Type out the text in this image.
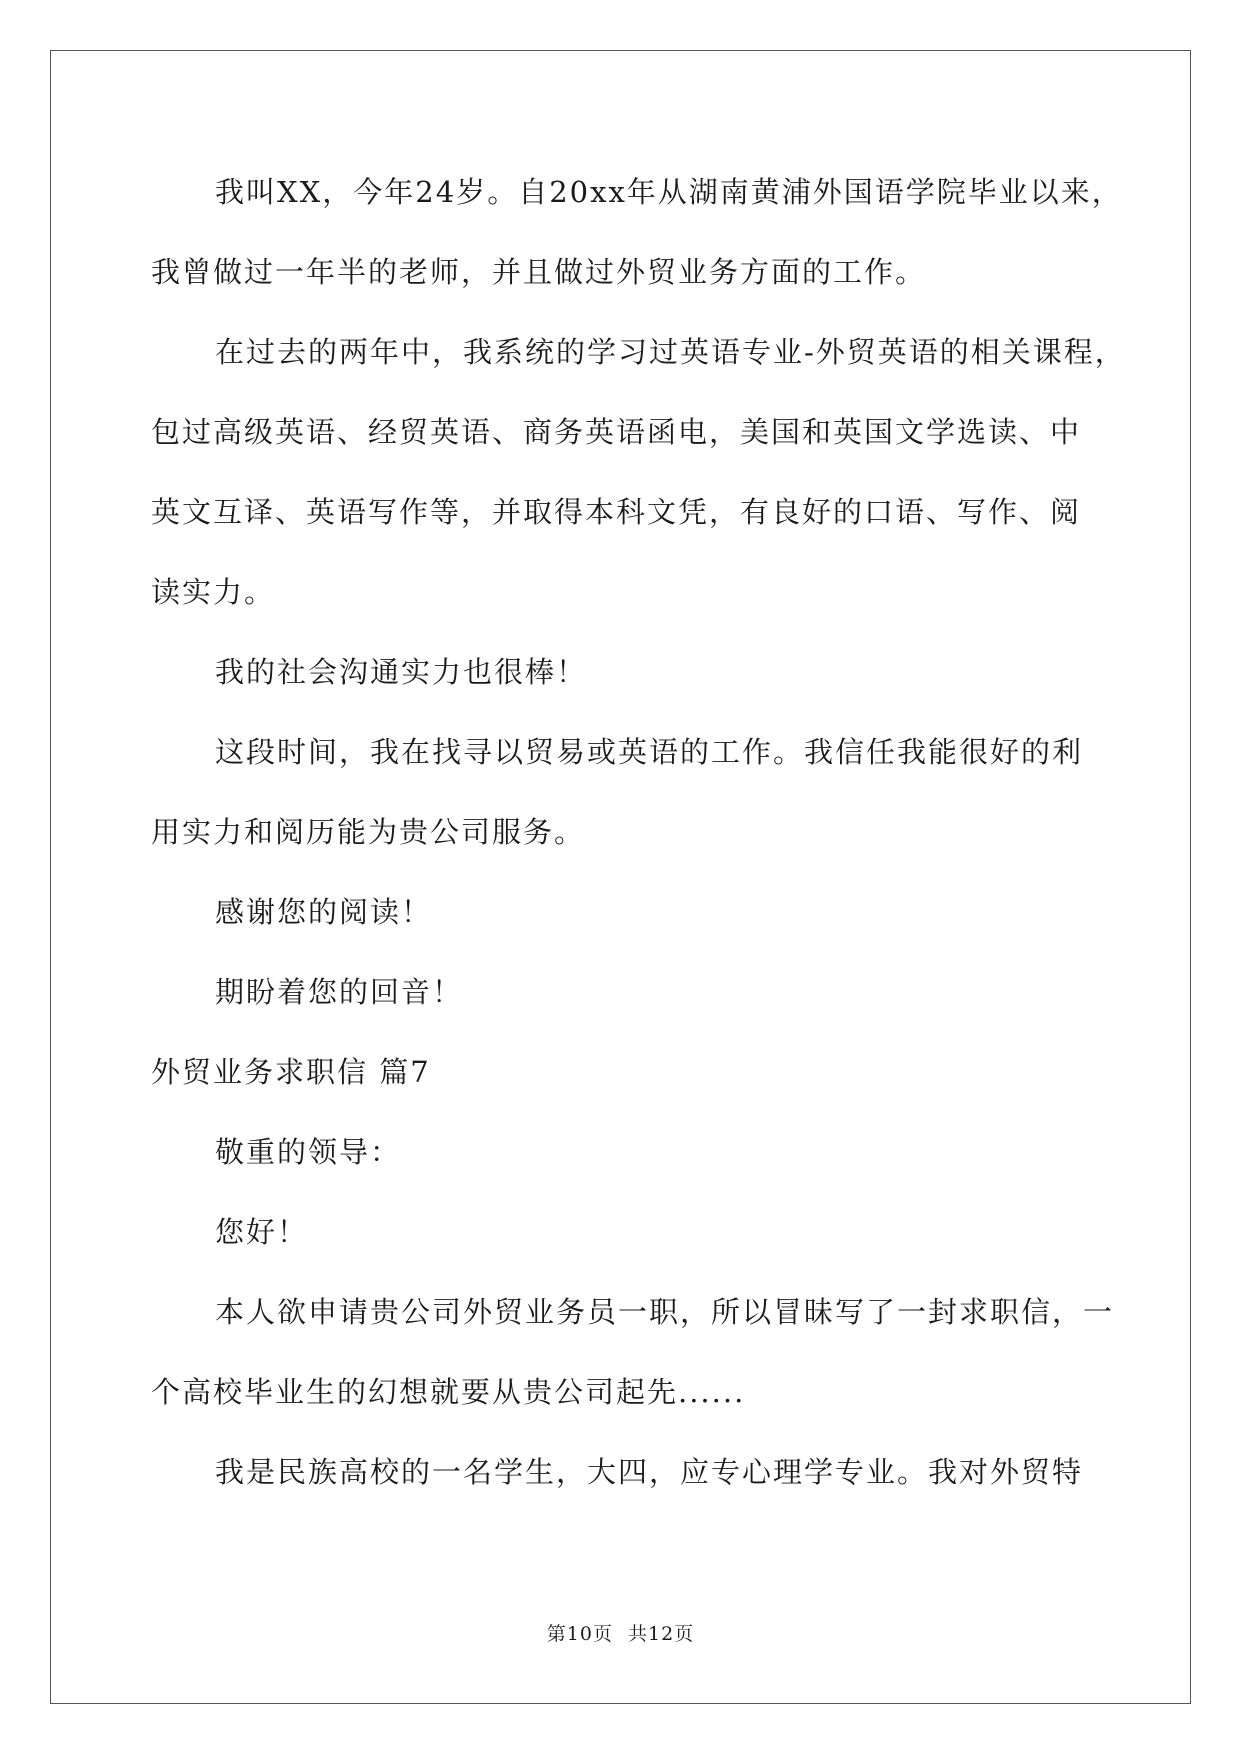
我叫XX，今年24岁。自20xx年从湖南黄浦外国语学院毕业以来，
我曾做过一年半的老师，并且做过外贸业务方面的工作。
在过去的两年中，我系统的学习过英语专业-外贸英语的相关课程，
包过高级英语、经贸英语、商务英语函电，美国和英国文学选读、中
英文互译、英语写作等，并取得本科文凭，有良好的口语、写作、阅
读实力。
我的社会沟通实力也很棒！
这段时间，我在找寻以贸易或英语的工作。我信任我能很好的利
用实力和阅历能为贵公司服务。
感谢您的阅读！
期盼着您的回音！
外贸业务求职信 篇7
敬重的领导：
您好！
本人欲申请贵公司外贸业务员一职，所以冒昧写了一封求职信，一
个高校毕业生的幻想就要从贵公司起先......
我是民族高校的一名学生，大四，应专心理学专业。我对外贸特
第10页 共12页
